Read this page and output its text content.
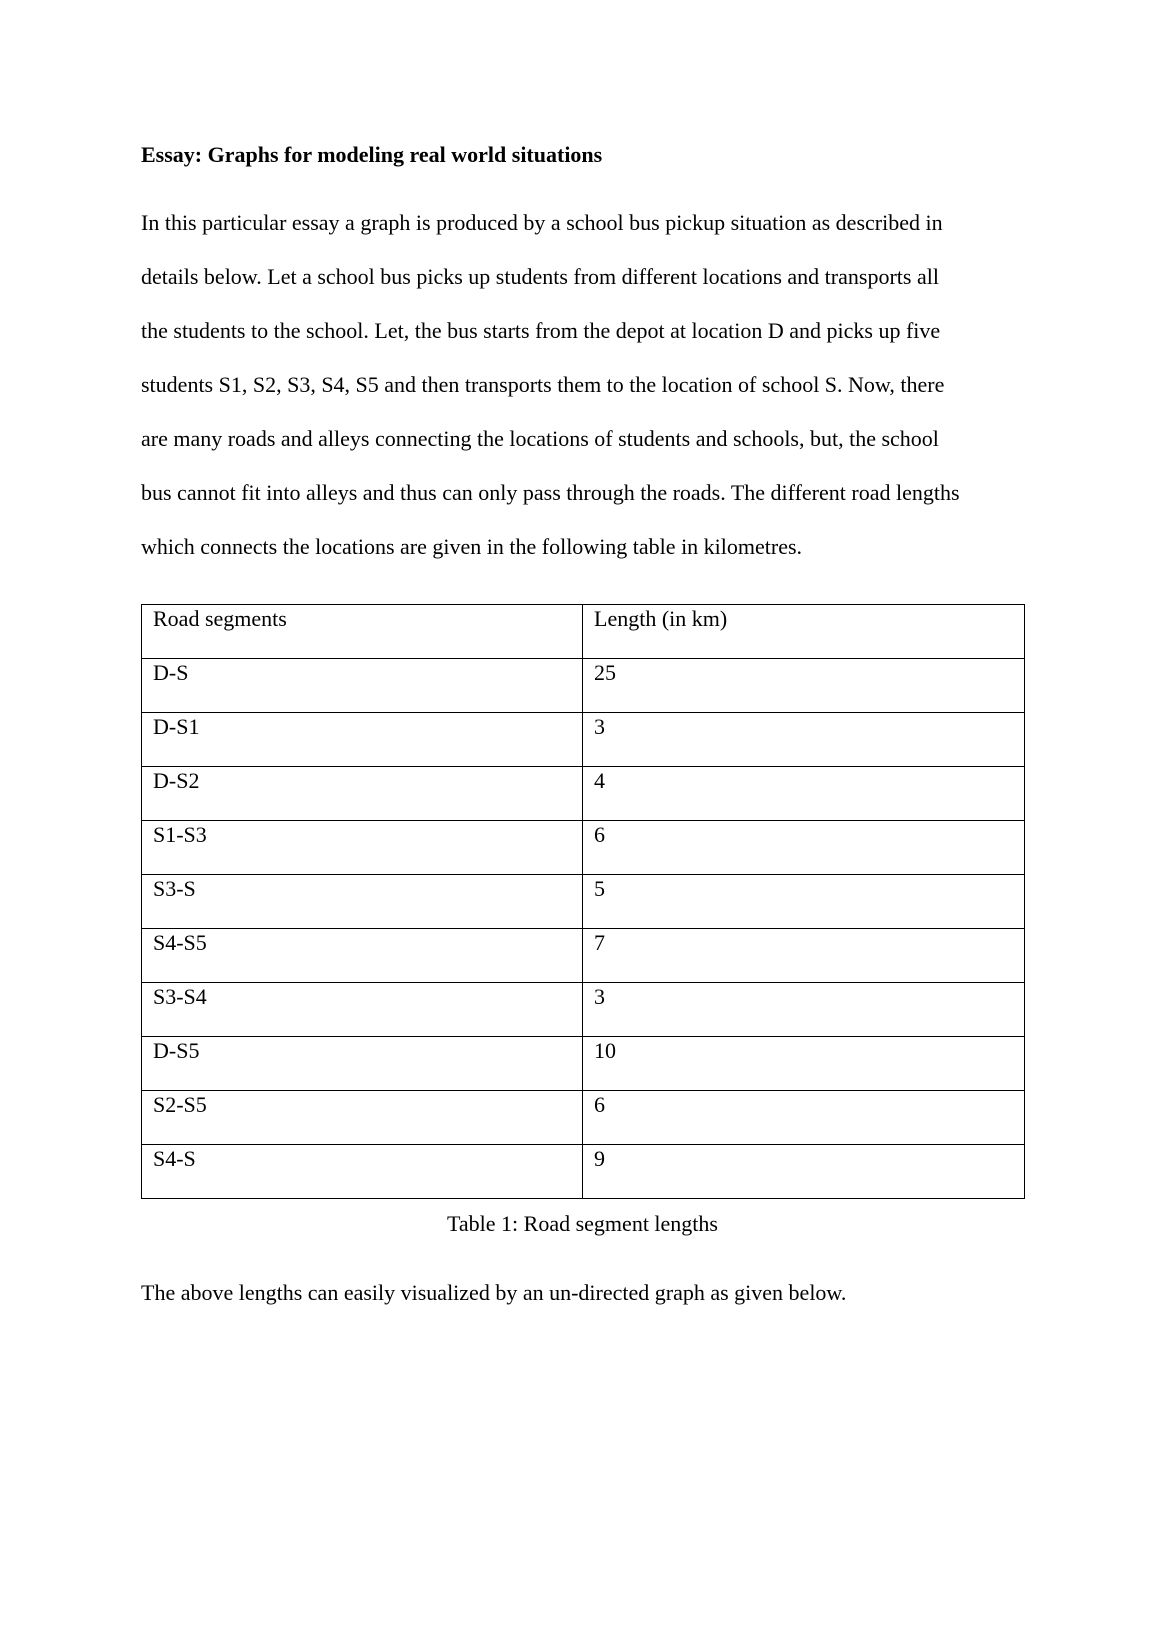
Essay: Graphs for modeling real world situations
In this particular essay a graph is produced by a school bus pickup situation as described in
details below. Let a school bus picks up students from different locations and transports all
the students to the school. Let, the bus starts from the depot at location D and picks up five
students S1, S2, S3, S4, S5 and then transports them to the location of school S. Now, there
are many roads and alleys connecting the locations of students and schools, but, the school
bus cannot fit into alleys and thus can only pass through the roads. The different road lengths
which connects the locations are given in the following table in kilometres.
Road segments	Length (in km)
D-S	25
D-S1	3
D-S2	4
S1-S3	6
S3-S	5
S4-S5	7
S3-S4	3
D-S5	10
S2-S5	6
S4-S	9
Table 1: Road segment lengths
The above lengths can easily visualized by an un-directed graph as given below.
